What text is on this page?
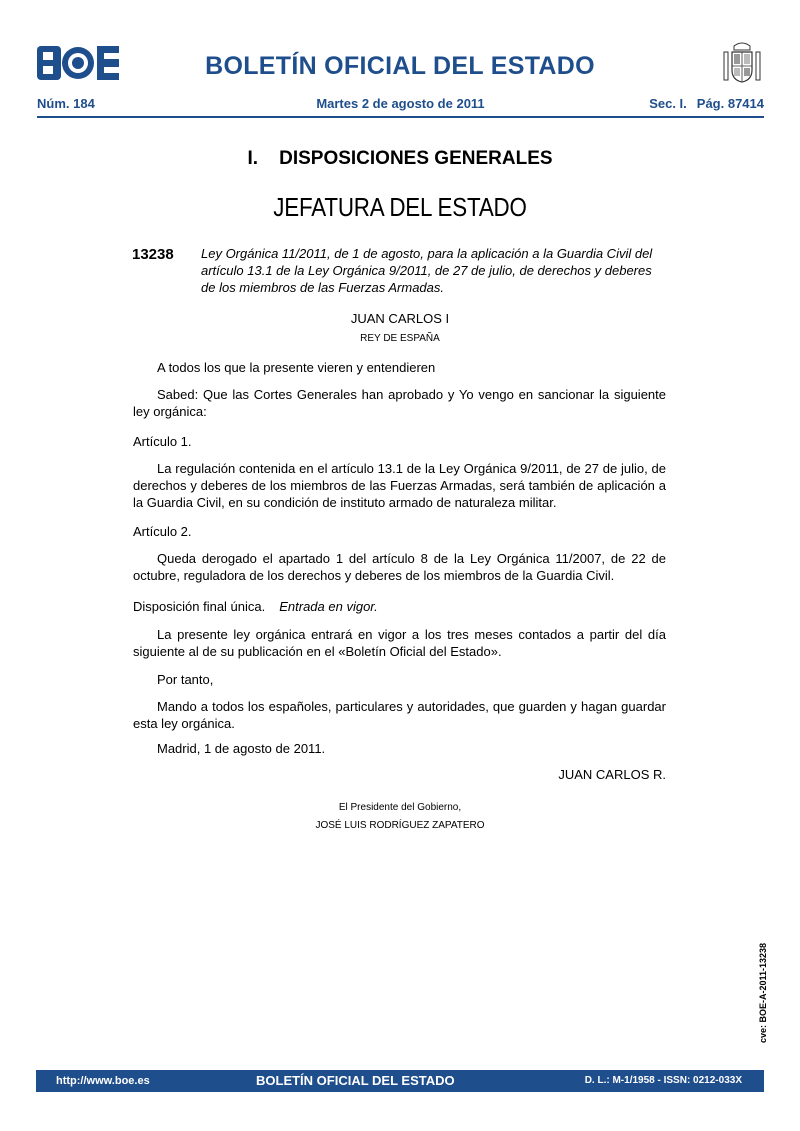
BOLETÍN OFICIAL DEL ESTADO
Núm. 184	Martes 2 de agosto de 2011	Sec. I. Pág. 87414
I.    DISPOSICIONES GENERALES
JEFATURA DEL ESTADO
13238 Ley Orgánica 11/2011, de 1 de agosto, para la aplicación a la Guardia Civil del artículo 13.1 de la Ley Orgánica 9/2011, de 27 de julio, de derechos y deberes de los miembros de las Fuerzas Armadas.
JUAN CARLOS I
REY DE ESPAÑA
A todos los que la presente vieren y entendieren
Sabed: Que las Cortes Generales han aprobado y Yo vengo en sancionar la siguiente ley orgánica:
Artículo 1.
La regulación contenida en el artículo 13.1 de la Ley Orgánica 9/2011, de 27 de julio, de derechos y deberes de los miembros de las Fuerzas Armadas, será también de aplicación a la Guardia Civil, en su condición de instituto armado de naturaleza militar.
Artículo 2.
Queda derogado el apartado 1 del artículo 8 de la Ley Orgánica 11/2007, de 22 de octubre, reguladora de los derechos y deberes de los miembros de la Guardia Civil.
Disposición final única. Entrada en vigor.
La presente ley orgánica entrará en vigor a los tres meses contados a partir del día siguiente al de su publicación en el «Boletín Oficial del Estado».
Por tanto,
Mando a todos los españoles, particulares y autoridades, que guarden y hagan guardar esta ley orgánica.
Madrid, 1 de agosto de 2011.
JUAN CARLOS R.
El Presidente del Gobierno,
JOSÉ LUIS RODRÍGUEZ ZAPATERO
cve: BOE-A-2011-13238
http://www.boe.es	BOLETÍN OFICIAL DEL ESTADO	D. L.: M-1/1958 - ISSN: 0212-033X
